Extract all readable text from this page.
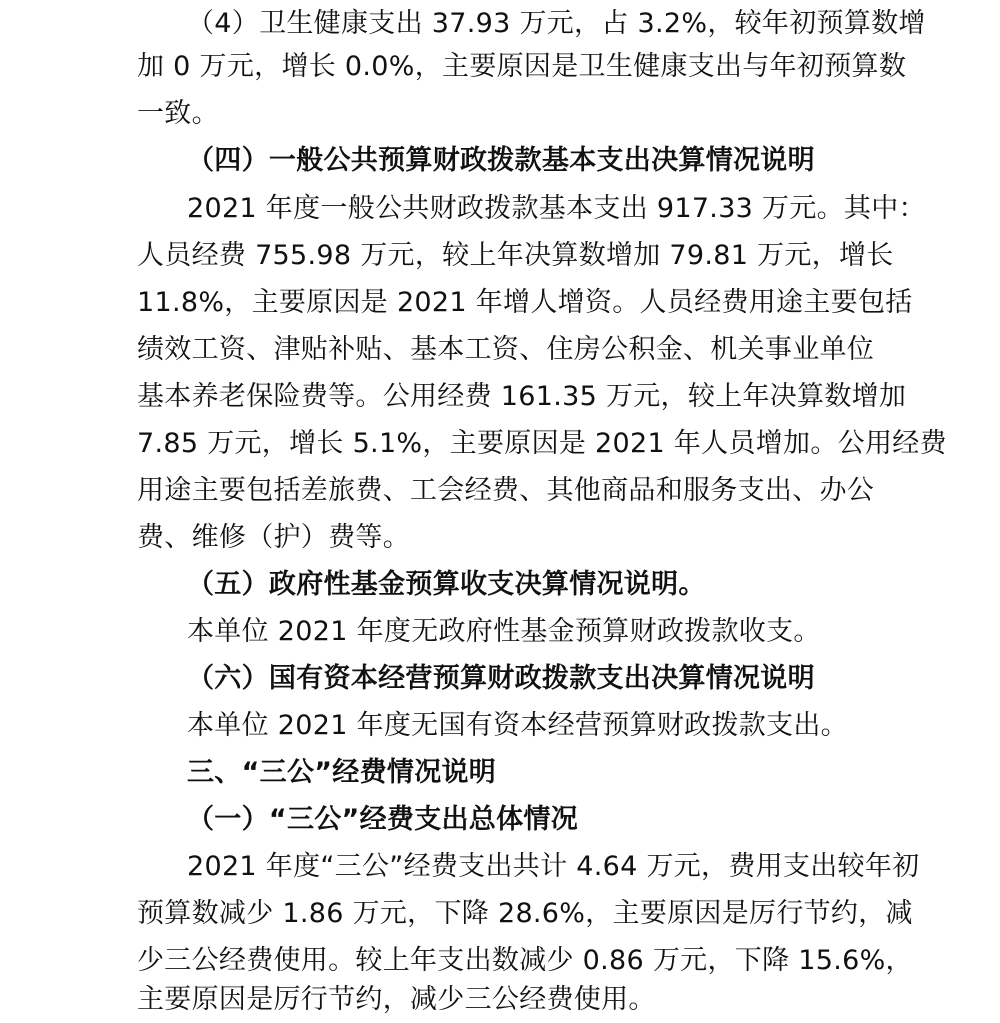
（4）卫生健康支出 37.93 万元，占 3.2%，较年初预算数增
加 0 万元，增长 0.0%，主要原因是卫生健康支出与年初预算数
一致。
（四）一般公共预算财政拨款基本支出决算情况说明
2021 年度一般公共财政拨款基本支出 917.33 万元。其中：
人员经费 755.98 万元，较上年决算数增加 79.81 万元，增长
11.8%，主要原因是 2021 年增人增资。人员经费用途主要包括
绩效工资、津贴补贴、基本工资、住房公积金、机关事业单位
基本养老保险费等。公用经费 161.35 万元，较上年决算数增加
7.85 万元，增长 5.1%，主要原因是 2021 年人员增加。公用经费
用途主要包括差旅费、工会经费、其他商品和服务支出、办公
费、维修（护）费等。
（五）政府性基金预算收支决算情况说明。
本单位 2021 年度无政府性基金预算财政拨款收支。
（六）国有资本经营预算财政拨款支出决算情况说明
本单位 2021 年度无国有资本经营预算财政拨款支出。
三、“三公”经费情况说明
（一）“三公”经费支出总体情况
2021 年度“三公”经费支出共计 4.64 万元，费用支出较年初
预算数减少 1.86 万元，下降 28.6%，主要原因是厉行节约，减
少三公经费使用。较上年支出数减少 0.86 万元，下降 15.6%，
主要原因是厉行节约，减少三公经费使用。
